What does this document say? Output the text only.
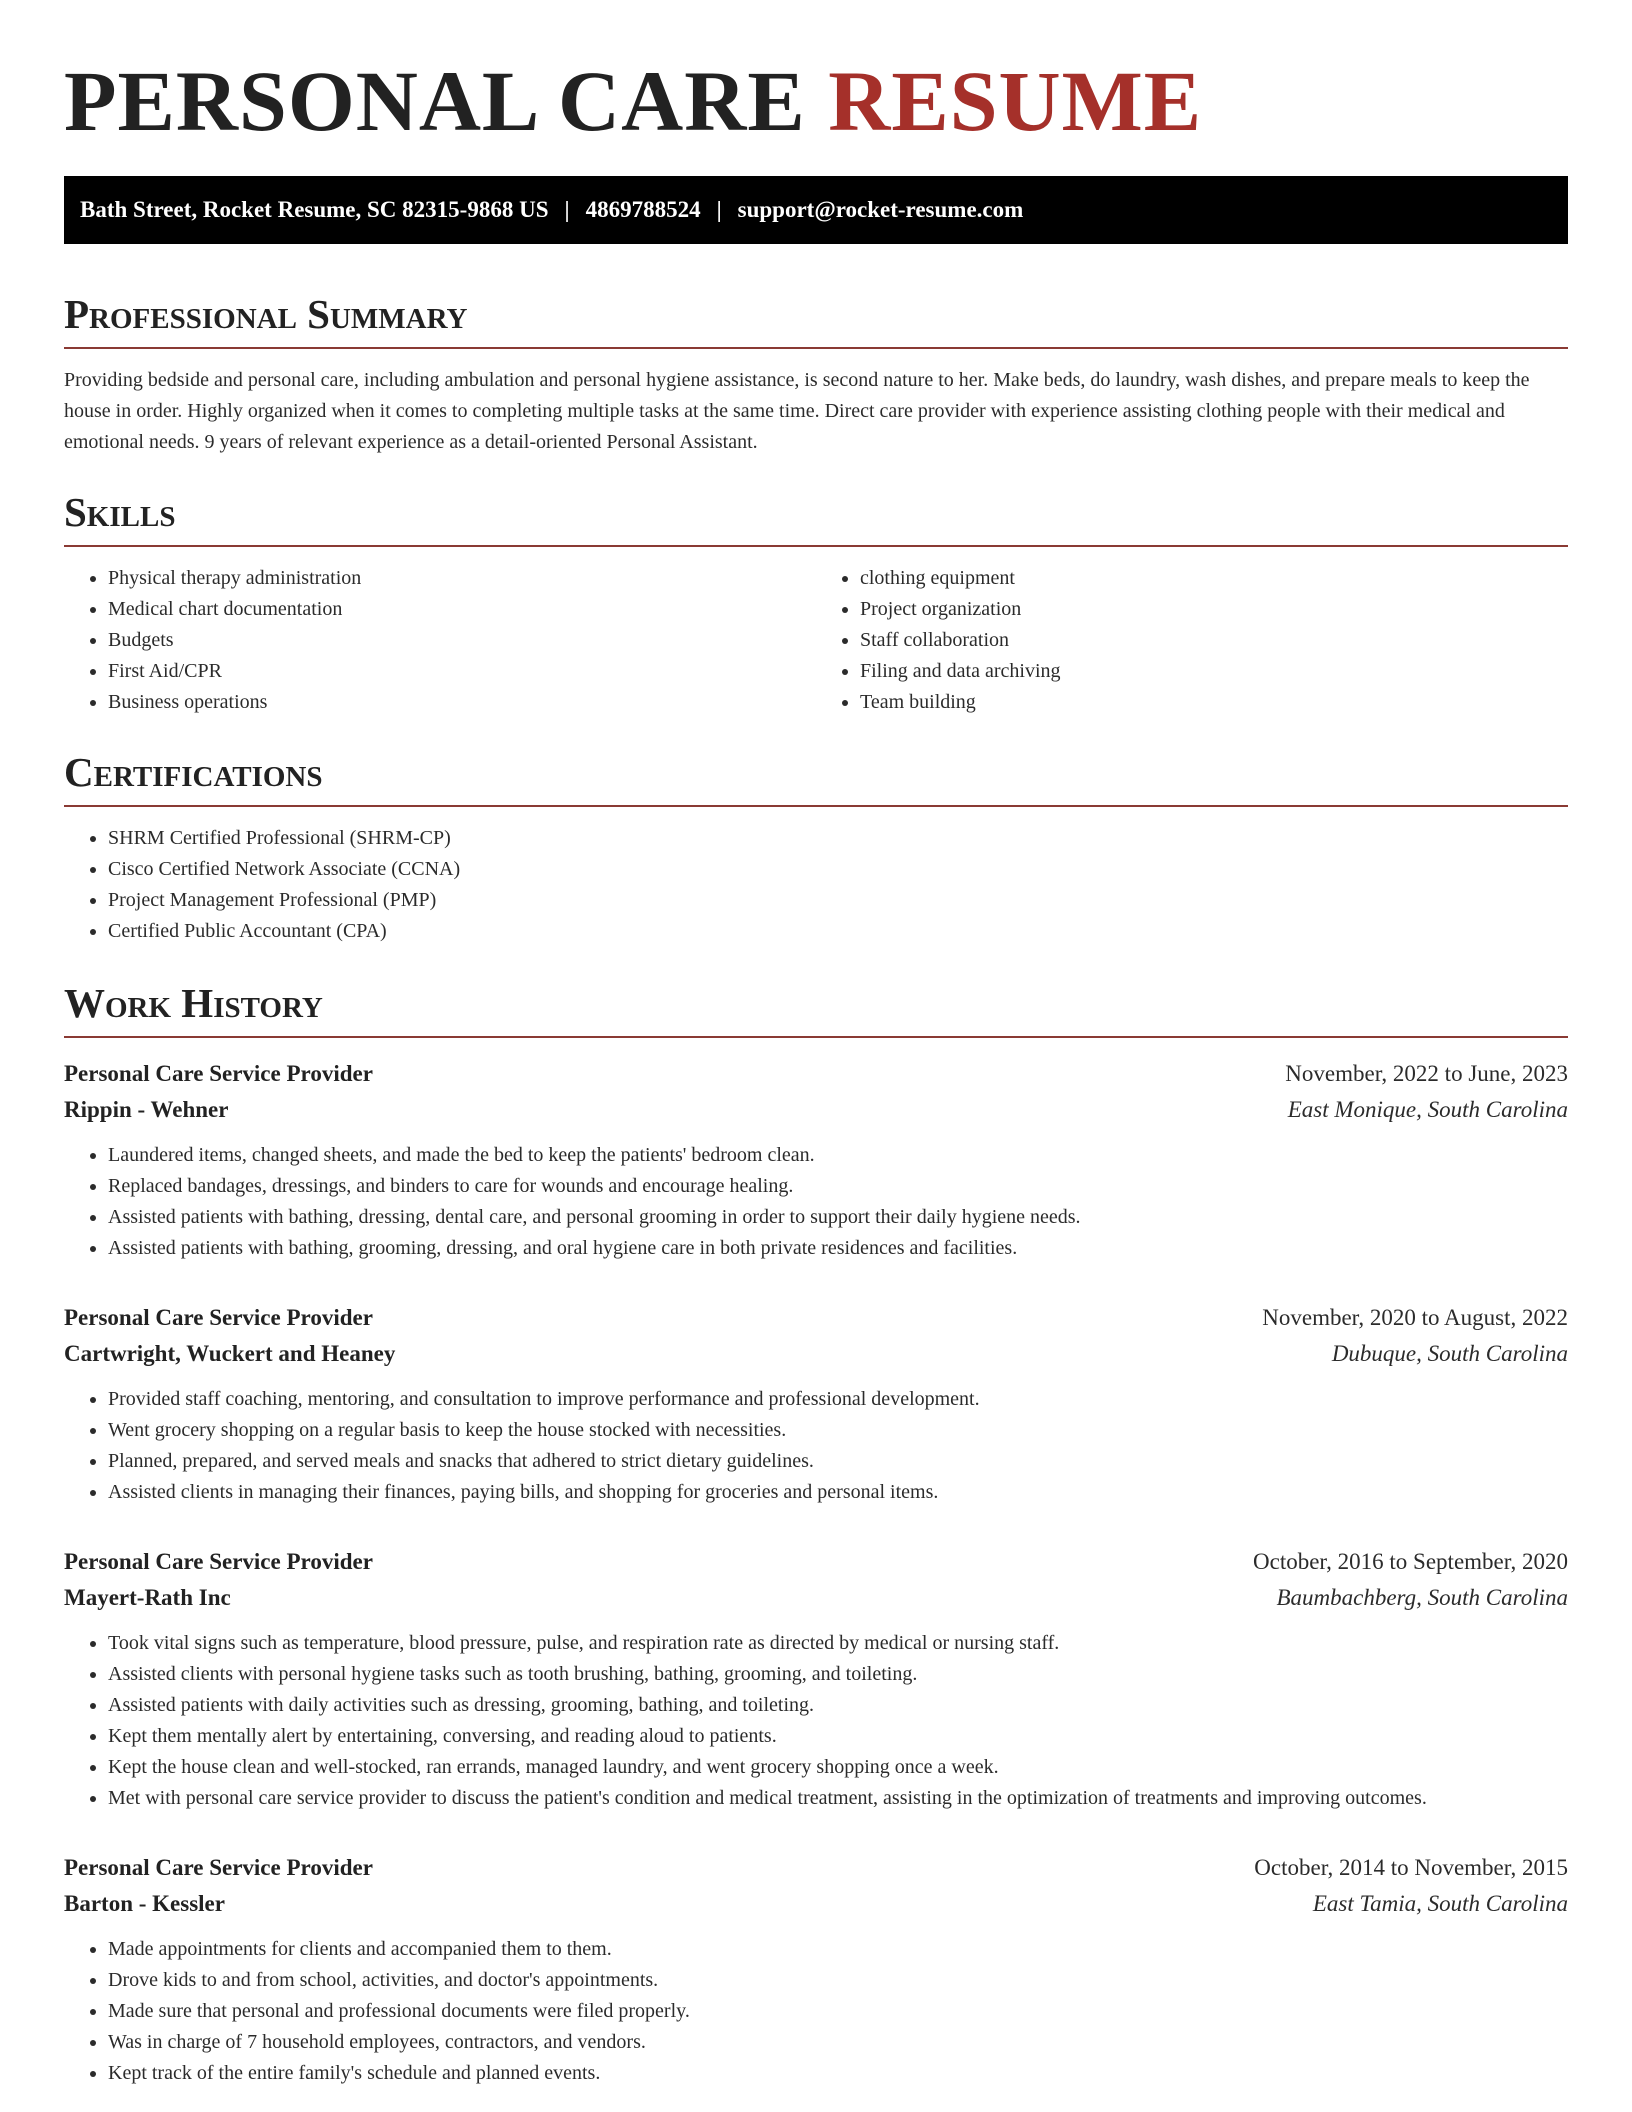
PERSONAL CARE RESUME
Bath Street, Rocket Resume, SC 82315-9868 US | 4869788524 | support@rocket-resume.com
Professional Summary

Providing bedside and personal care, including ambulation and personal hygiene assistance, is second nature to her. Make beds, do laundry, wash dishes, and prepare meals to keep the house in order. Highly organized when it comes to completing multiple tasks at the same time. Direct care provider with experience assisting clothing people with their medical and emotional needs. 9 years of relevant experience as a detail-oriented Personal Assistant.

Skills
• Physical therapy administration
• Medical chart documentation
• Budgets
• First Aid/CPR
• Business operations
• clothing equipment
• Project organization
• Staff collaboration
• Filing and data archiving
• Team building
Certifications
• SHRM Certified Professional (SHRM-CP)
• Cisco Certified Network Associate (CCNA)
• Project Management Professional (PMP)
• Certified Public Accountant (CPA)
Work History
Personal Care Service Provider	November, 2022 to June, 2023
Rippin - Wehner	East Monique, South Carolina
• Laundered items, changed sheets, and made the bed to keep the patients' bedroom clean.
• Replaced bandages, dressings, and binders to care for wounds and encourage healing.
• Assisted patients with bathing, dressing, dental care, and personal grooming in order to support their daily hygiene needs.
• Assisted patients with bathing, grooming, dressing, and oral hygiene care in both private residences and facilities.
Personal Care Service Provider	November, 2020 to August, 2022
Cartwright, Wuckert and Heaney	Dubuque, South Carolina
• Provided staff coaching, mentoring, and consultation to improve performance and professional development.
• Went grocery shopping on a regular basis to keep the house stocked with necessities.
• Planned, prepared, and served meals and snacks that adhered to strict dietary guidelines.
• Assisted clients in managing their finances, paying bills, and shopping for groceries and personal items.
Personal Care Service Provider	October, 2016 to September, 2020
Mayert-Rath Inc	Baumbachberg, South Carolina
• Took vital signs such as temperature, blood pressure, pulse, and respiration rate as directed by medical or nursing staff.
• Assisted clients with personal hygiene tasks such as tooth brushing, bathing, grooming, and toileting.
• Assisted patients with daily activities such as dressing, grooming, bathing, and toileting.
• Kept them mentally alert by entertaining, conversing, and reading aloud to patients.
• Kept the house clean and well-stocked, ran errands, managed laundry, and went grocery shopping once a week.
• Met with personal care service provider to discuss the patient's condition and medical treatment, assisting in the optimization of treatments and improving outcomes.
Personal Care Service Provider	October, 2014 to November, 2015
Barton - Kessler	East Tamia, South Carolina
• Made appointments for clients and accompanied them to them.
• Drove kids to and from school, activities, and doctor's appointments.
• Made sure that personal and professional documents were filed properly.
• Was in charge of 7 household employees, contractors, and vendors.
• Kept track of the entire family's schedule and planned events.
